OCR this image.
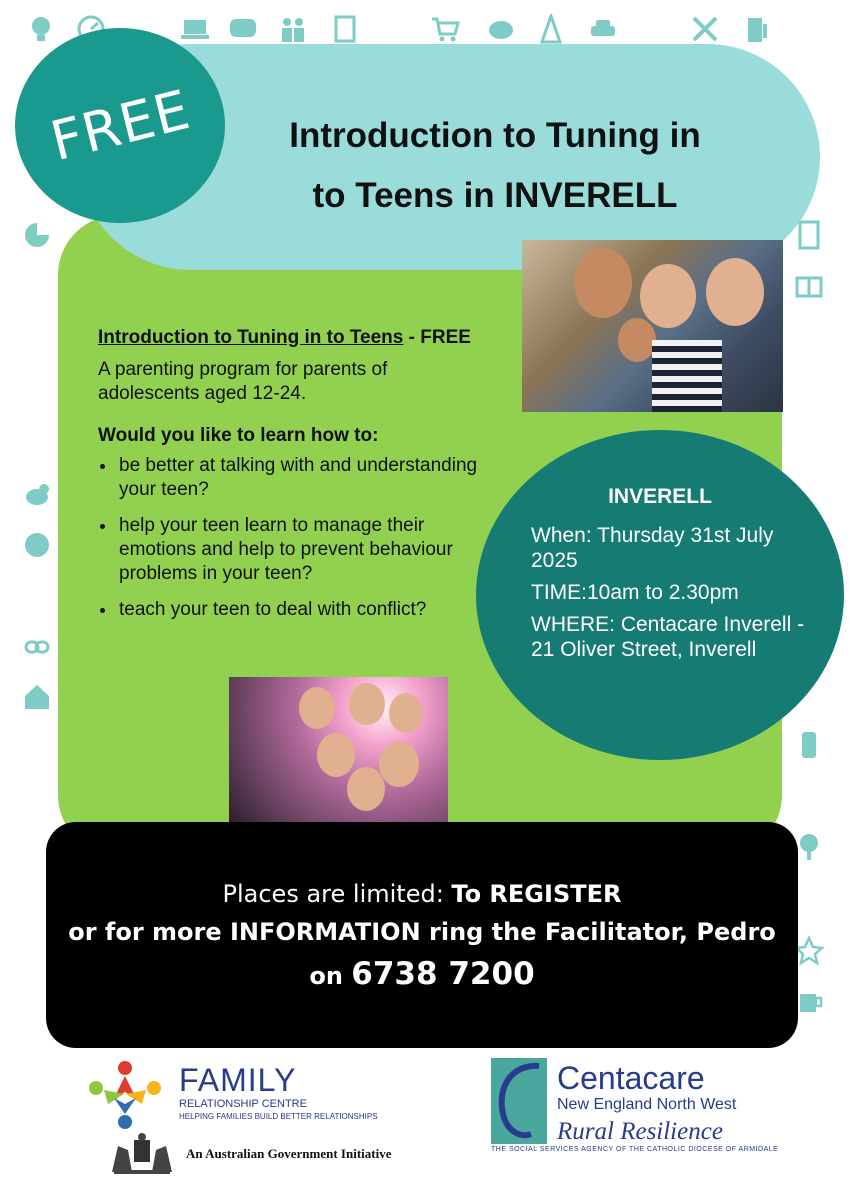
FREE	Introduction to Tuning in
to Teens in INVERELL

Introduction to Tuning in to Teens - FREE

A parenting program for parents of adolescents aged 12-24.

Would you like to learn how to:

be better at talking with and understanding your teen?
help your teen learn to manage their emotions and help to prevent behaviour problems in your teen?
teach your teen to deal with conflict?
INVERELL

When: Thursday 31st July 2025

TIME:10am to 2.30pm

WHERE: Centacare Inverell - 21 Oliver Street, Inverell

Places are limited: To REGISTER
or for more INFORMATION ring the Facilitator, Pedro
on 6738 7200
FAMILY
RELATIONSHIP CENTRE
HELPING FAMILIES BUILD BETTER RELATIONSHIPS
An Australian Government Initiative
Centacare
New England North West
Rural Resilience
THE SOCIAL SERVICES AGENCY OF THE CATHOLIC DIOCESE OF ARMIDALE
